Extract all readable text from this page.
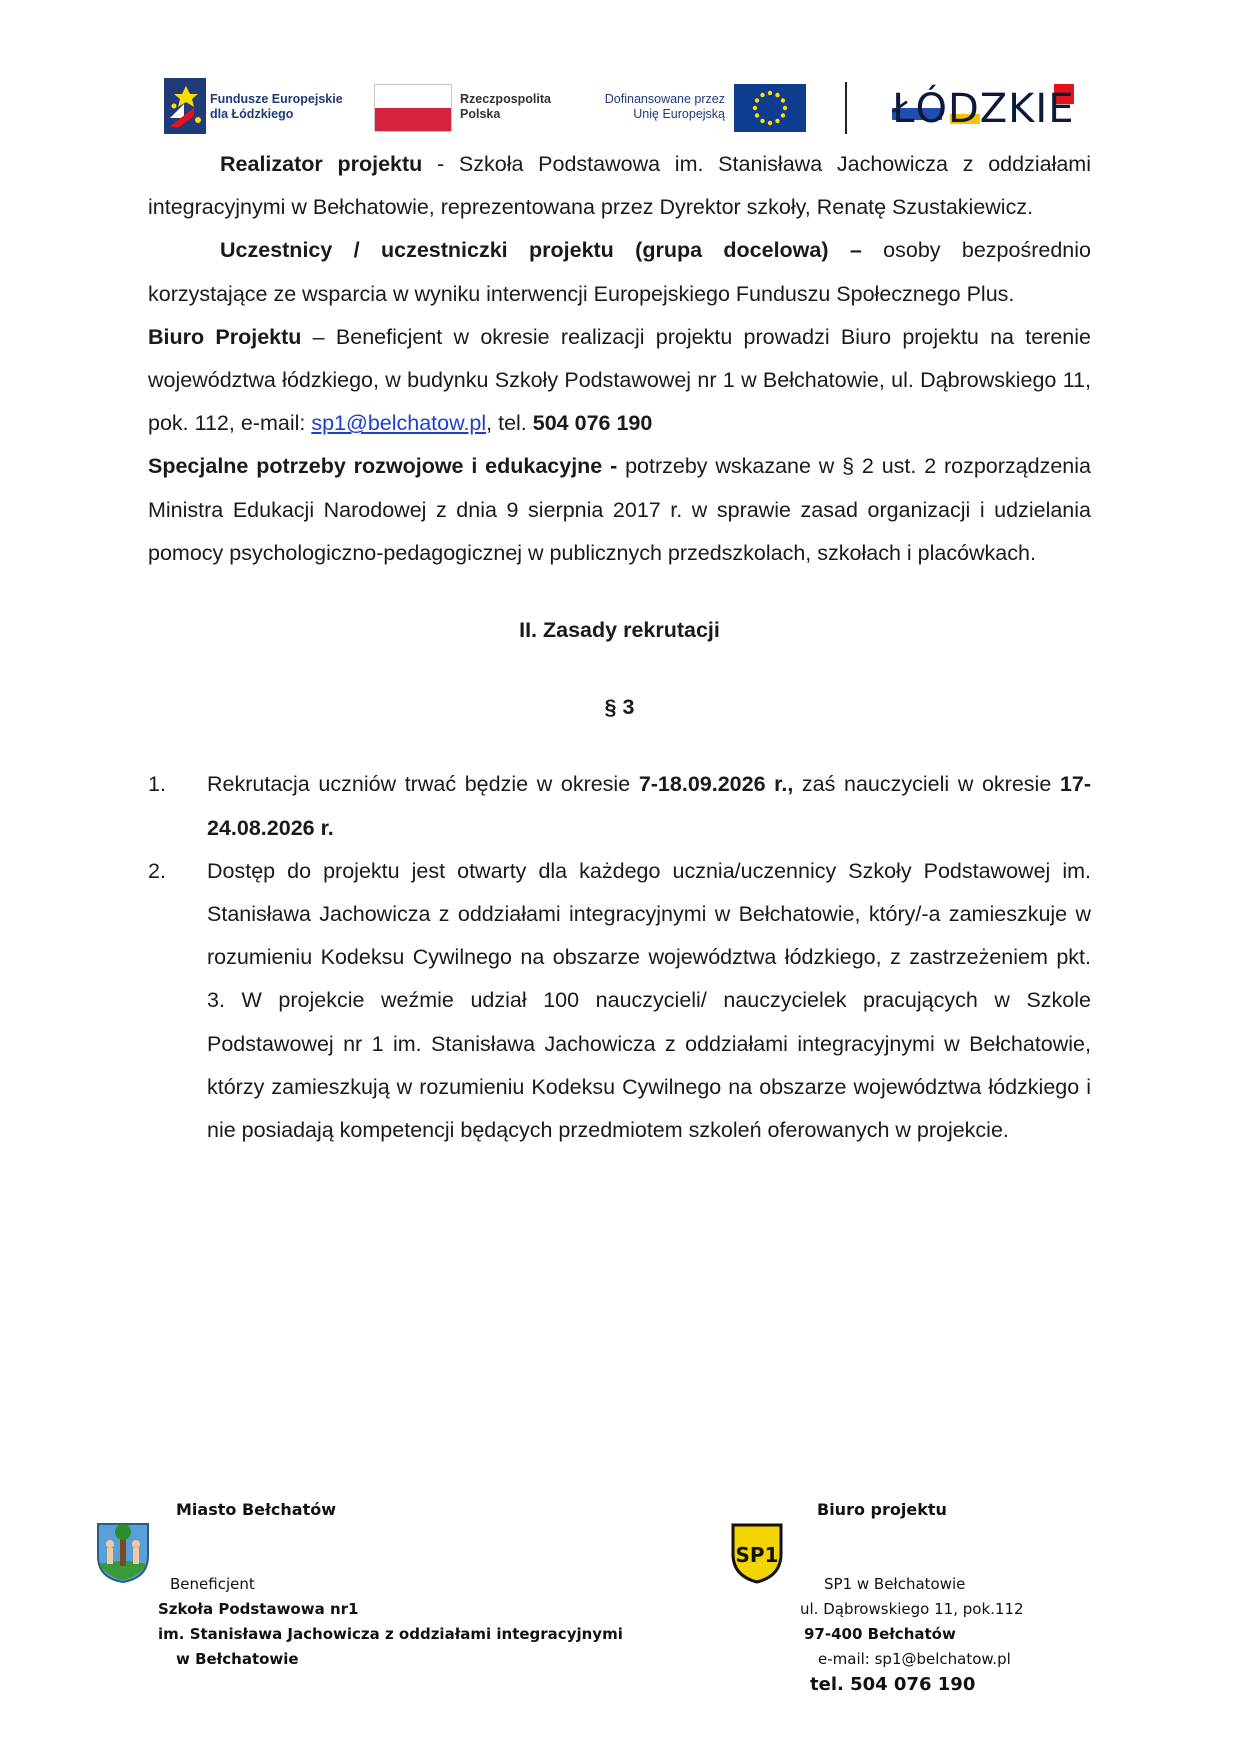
Fundusze Europejskie
dla Łódzkiego
Rzeczpospolita
Polska
Dofinansowane przez
Unię Europejską	ŁÓDZKIE

Realizator projektu - Szkoła Podstawowa im. Stanisława Jachowicza z oddziałami integracyjnymi w Bełchatowie, reprezentowana przez Dyrektor szkoły, Renatę Szustakiewicz.

Uczestnicy / uczestniczki projektu (grupa docelowa) – osoby bezpośrednio korzystające ze wsparcia w wyniku interwencji Europejskiego Funduszu Społecznego Plus.

Biuro Projektu – Beneficjent w okresie realizacji projektu prowadzi Biuro projektu na terenie województwa łódzkiego, w budynku Szkoły Podstawowej nr 1 w Bełchatowie, ul. Dąbrowskiego 11, pok. 112, e-mail: sp1@belchatow.pl, tel. 504 076 190

Specjalne potrzeby rozwojowe i edukacyjne - potrzeby wskazane w § 2 ust. 2 rozporządzenia Ministra Edukacji Narodowej z dnia 9 sierpnia 2017 r. w sprawie zasad organizacji i udzielania pomocy psychologiczno-pedagogicznej w publicznych przedszkolach, szkołach i placówkach.

II. Zasady rekrutacji

§ 3

1. Rekrutacja uczniów trwać będzie w okresie 7-18.09.2026 r., zaś nauczycieli w okresie 17- 24.08.2026 r.
2. Dostęp do projektu jest otwarty dla każdego ucznia/uczennicy Szkoły Podstawowej im. Stanisława Jachowicza z oddziałami integracyjnymi w Bełchatowie, który/-a zamieszkuje w rozumieniu Kodeksu Cywilnego na obszarze województwa łódzkiego, z zastrzeżeniem pkt. 3. W projekcie weźmie udział 100 nauczycieli/ nauczycielek pracujących w Szkole Podstawowej nr 1 im. Stanisława Jachowicza z oddziałami integracyjnymi w Bełchatowie, którzy zamieszkują w rozumieniu Kodeksu Cywilnego na obszarze województwa łódzkiego i nie posiadają kompetencji będących przedmiotem szkoleń oferowanych w projekcie.
Miasto Bełchatów	Biuro projektu
SP1
Beneficjent
Szkoła Podstawowa nr1
im. Stanisława Jachowicza z oddziałami integracyjnymi
w Bełchatowie
SP1 w Bełchatowie
ul. Dąbrowskiego 11, pok.112
97-400 Bełchatów
e-mail: sp1@belchatow.pl
tel. 504 076 190
